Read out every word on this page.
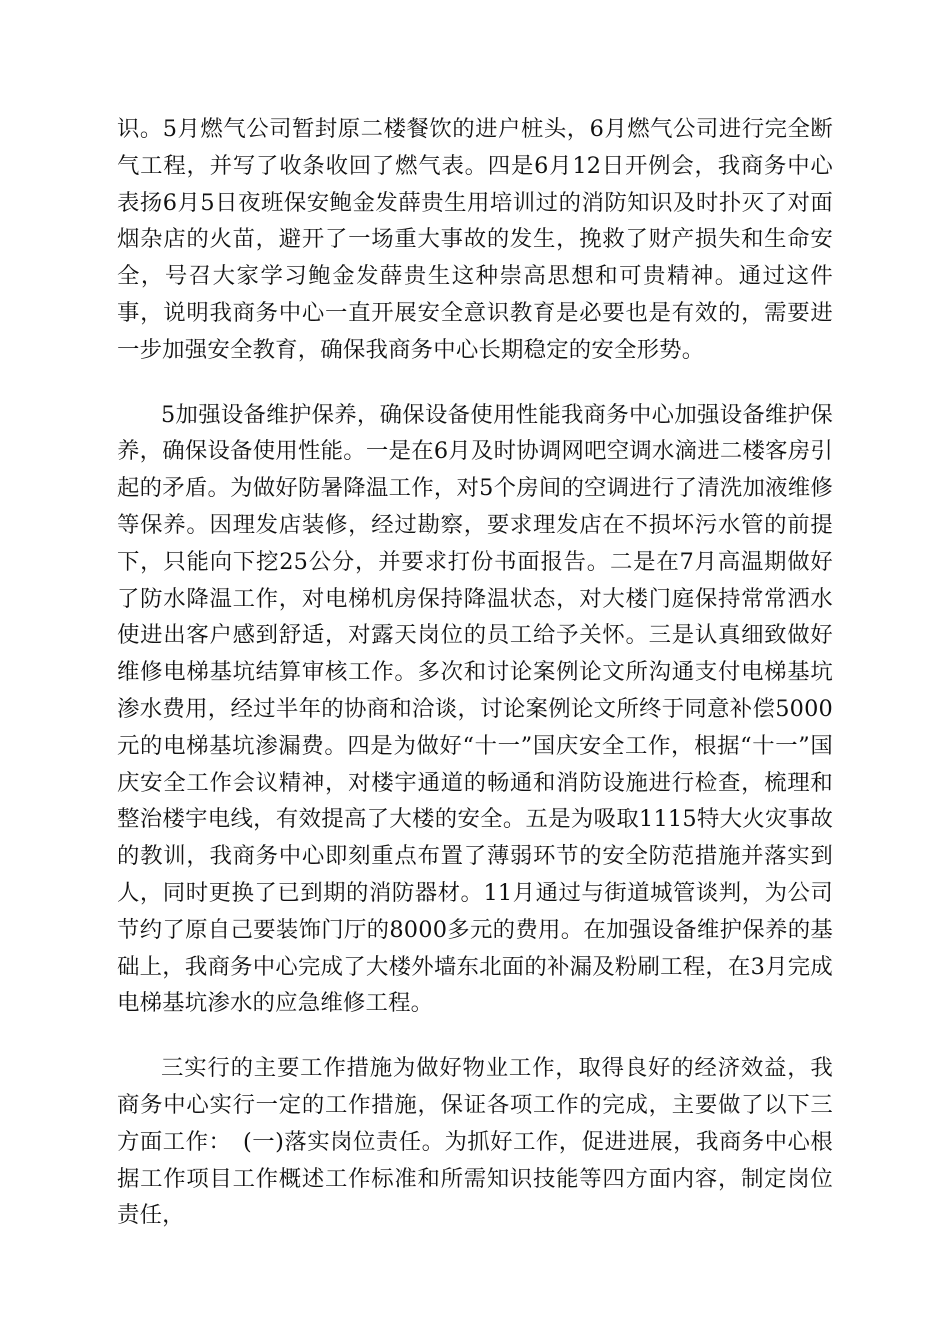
识。5月燃气公司暂封原二楼餐饮的进户桩头，6月燃气公司进行完全断气工程，并写了收条收回了燃气表。四是6月12日开例会，我商务中心表扬6月5日夜班保安鲍金发薛贵生用培训过的消防知识及时扑灭了对面烟杂店的火苗，避开了一场重大事故的发生，挽救了财产损失和生命安全，号召大家学习鲍金发薛贵生这种崇高思想和可贵精神。通过这件事，说明我商务中心一直开展安全意识教育是必要也是有效的，需要进一步加强安全教育，确保我商务中心长期稳定的安全形势。

5加强设备维护保养，确保设备使用性能我商务中心加强设备维护保养，确保设备使用性能。一是在6月及时协调网吧空调水滴进二楼客房引起的矛盾。为做好防暑降温工作，对5个房间的空调进行了清洗加液维修等保养。因理发店装修，经过勘察，要求理发店在不损坏污水管的前提下，只能向下挖25公分，并要求打份书面报告。二是在7月高温期做好了防水降温工作，对电梯机房保持降温状态，对大楼门庭保持常常洒水使进出客户感到舒适，对露天岗位的员工给予关怀。三是认真细致做好维修电梯基坑结算审核工作。多次和讨论案例论文所沟通支付电梯基坑渗水费用，经过半年的协商和洽谈，讨论案例论文所终于同意补偿5000元的电梯基坑渗漏费。四是为做好“十一”国庆安全工作，根据“十一”国庆安全工作会议精神，对楼宇通道的畅通和消防设施进行检查，梳理和整治楼宇电线，有效提高了大楼的安全。五是为吸取1115特大火灾事故的教训，我商务中心即刻重点布置了薄弱环节的安全防范措施并落实到人，同时更换了已到期的消防器材。11月通过与街道城管谈判，为公司节约了原自己要装饰门厅的8000多元的费用。在加强设备维护保养的基础上，我商务中心完成了大楼外墙东北面的补漏及粉刷工程，在3月完成电梯基坑渗水的应急维修工程。

三实行的主要工作措施为做好物业工作，取得良好的经济效益，我商务中心实行一定的工作措施，保证各项工作的完成，主要做了以下三方面工作：　(一)落实岗位责任。为抓好工作，促进进展，我商务中心根据工作项目工作概述工作标准和所需知识技能等四方面内容，制定岗位责任，
